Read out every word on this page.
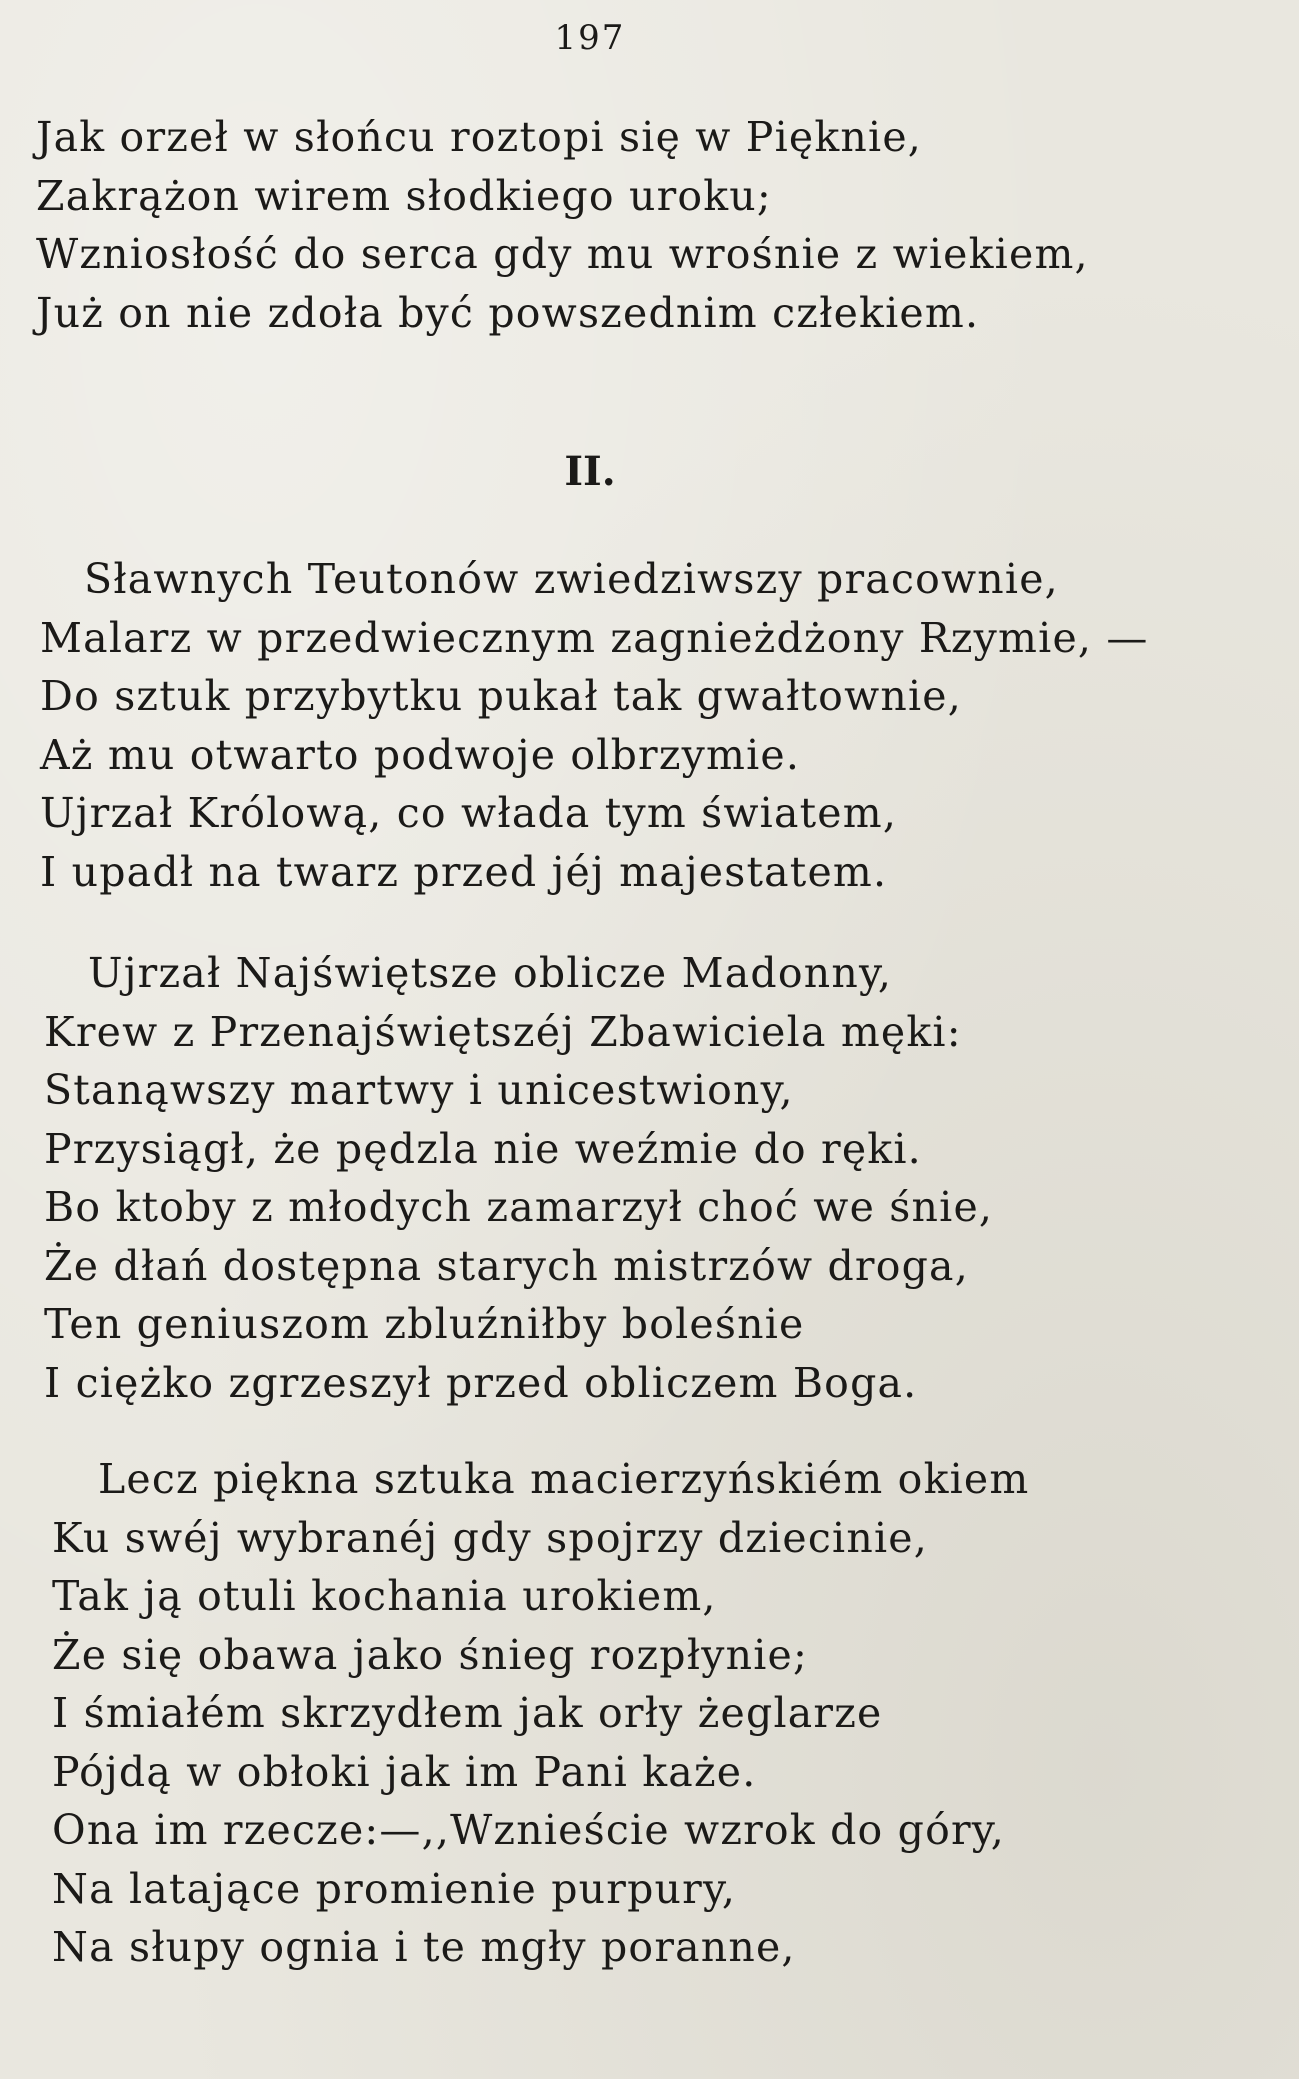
197
Jak orzeł w słońcu roztopi się w Pięknie,
Zakrążon wirem słodkiego uroku;
Wzniosłość do serca gdy mu wrośnie z wiekiem,
Już on nie zdoła być powszednim człekiem.
II.
Sławnych Teutonów zwiedziwszy pracownie,
Malarz w przedwiecznym zagnieżdżony Rzymie, —
Do sztuk przybytku pukał tak gwałtownie,
Aż mu otwarto podwoje olbrzymie.
Ujrzał Królową, co włada tym światem,
I upadł na twarz przed jéj majestatem.
Ujrzał Najświętsze oblicze Madonny,
Krew z Przenajświętszéj Zbawiciela męki:
Stanąwszy martwy i unicestwiony,
Przysiągł, że pędzla nie weźmie do ręki.
Bo ktoby z młodych zamarzył choć we śnie,
Że dłań dostępna starych mistrzów droga,
Ten geniuszom zbluźniłby boleśnie
I ciężko zgrzeszył przed obliczem Boga.
Lecz piękna sztuka macierzyńskiém okiem
Ku swéj wybranéj gdy spojrzy dziecinie,
Tak ją otuli kochania urokiem,
Że się obawa jako śnieg rozpłynie;
I śmiałém skrzydłem jak orły żeglarze
Pójdą w obłoki jak im Pani każe.
Ona im rzecze:—,,Wznieście wzrok do góry,
Na latające promienie purpury,
Na słupy ognia i te mgły poranne,
